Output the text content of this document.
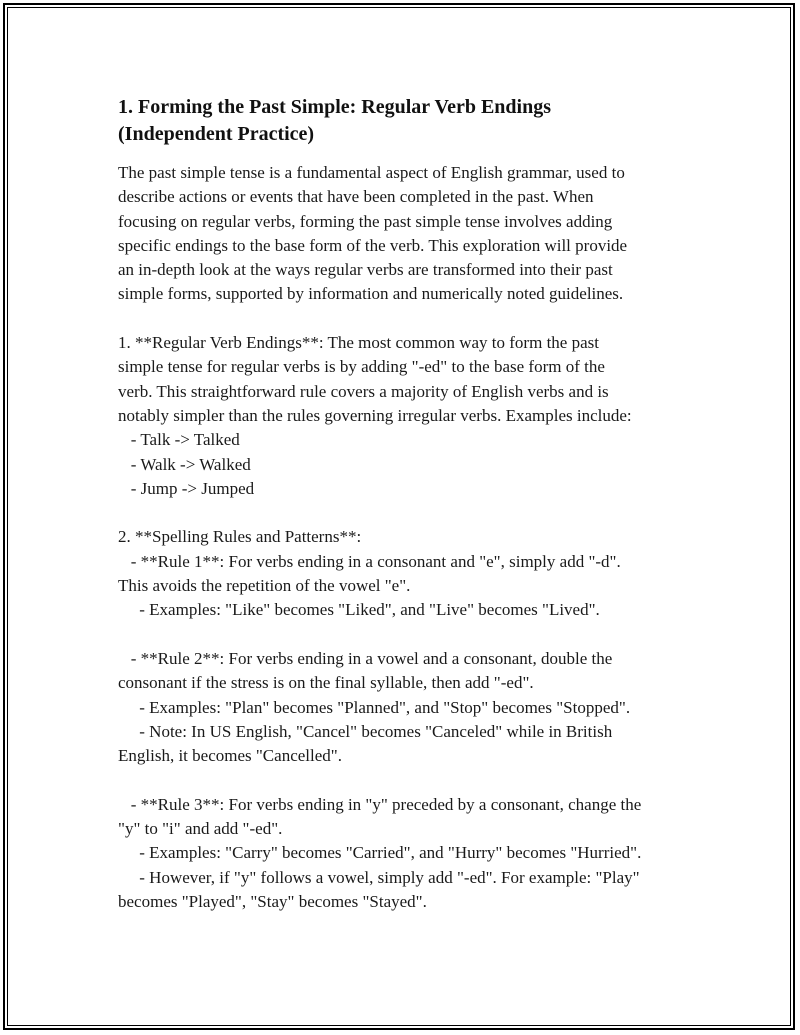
1. Forming the Past Simple: Regular Verb Endings
(Independent Practice)
The past simple tense is a fundamental aspect of English grammar, used to
describe actions or events that have been completed in the past. When
focusing on regular verbs, forming the past simple tense involves adding
specific endings to the base form of the verb. This exploration will provide
an in-depth look at the ways regular verbs are transformed into their past
simple forms, supported by information and numerically noted guidelines.
1. **Regular Verb Endings**: The most common way to form the past
simple tense for regular verbs is by adding "-ed" to the base form of the
verb. This straightforward rule covers a majority of English verbs and is
notably simpler than the rules governing irregular verbs. Examples include:
- Talk -> Talked
- Walk -> Walked
- Jump -> Jumped
2. **Spelling Rules and Patterns**:
- **Rule 1**: For verbs ending in a consonant and "e", simply add "-d".
This avoids the repetition of the vowel "e".
- Examples: "Like" becomes "Liked", and "Live" becomes "Lived".
- **Rule 2**: For verbs ending in a vowel and a consonant, double the
consonant if the stress is on the final syllable, then add "-ed".
- Examples: "Plan" becomes "Planned", and "Stop" becomes "Stopped".
- Note: In US English, "Cancel" becomes "Canceled" while in British
English, it becomes "Cancelled".
- **Rule 3**: For verbs ending in "y" preceded by a consonant, change the
"y" to "i" and add "-ed".
- Examples: "Carry" becomes "Carried", and "Hurry" becomes "Hurried".
- However, if "y" follows a vowel, simply add "-ed". For example: "Play"
becomes "Played", "Stay" becomes "Stayed".
